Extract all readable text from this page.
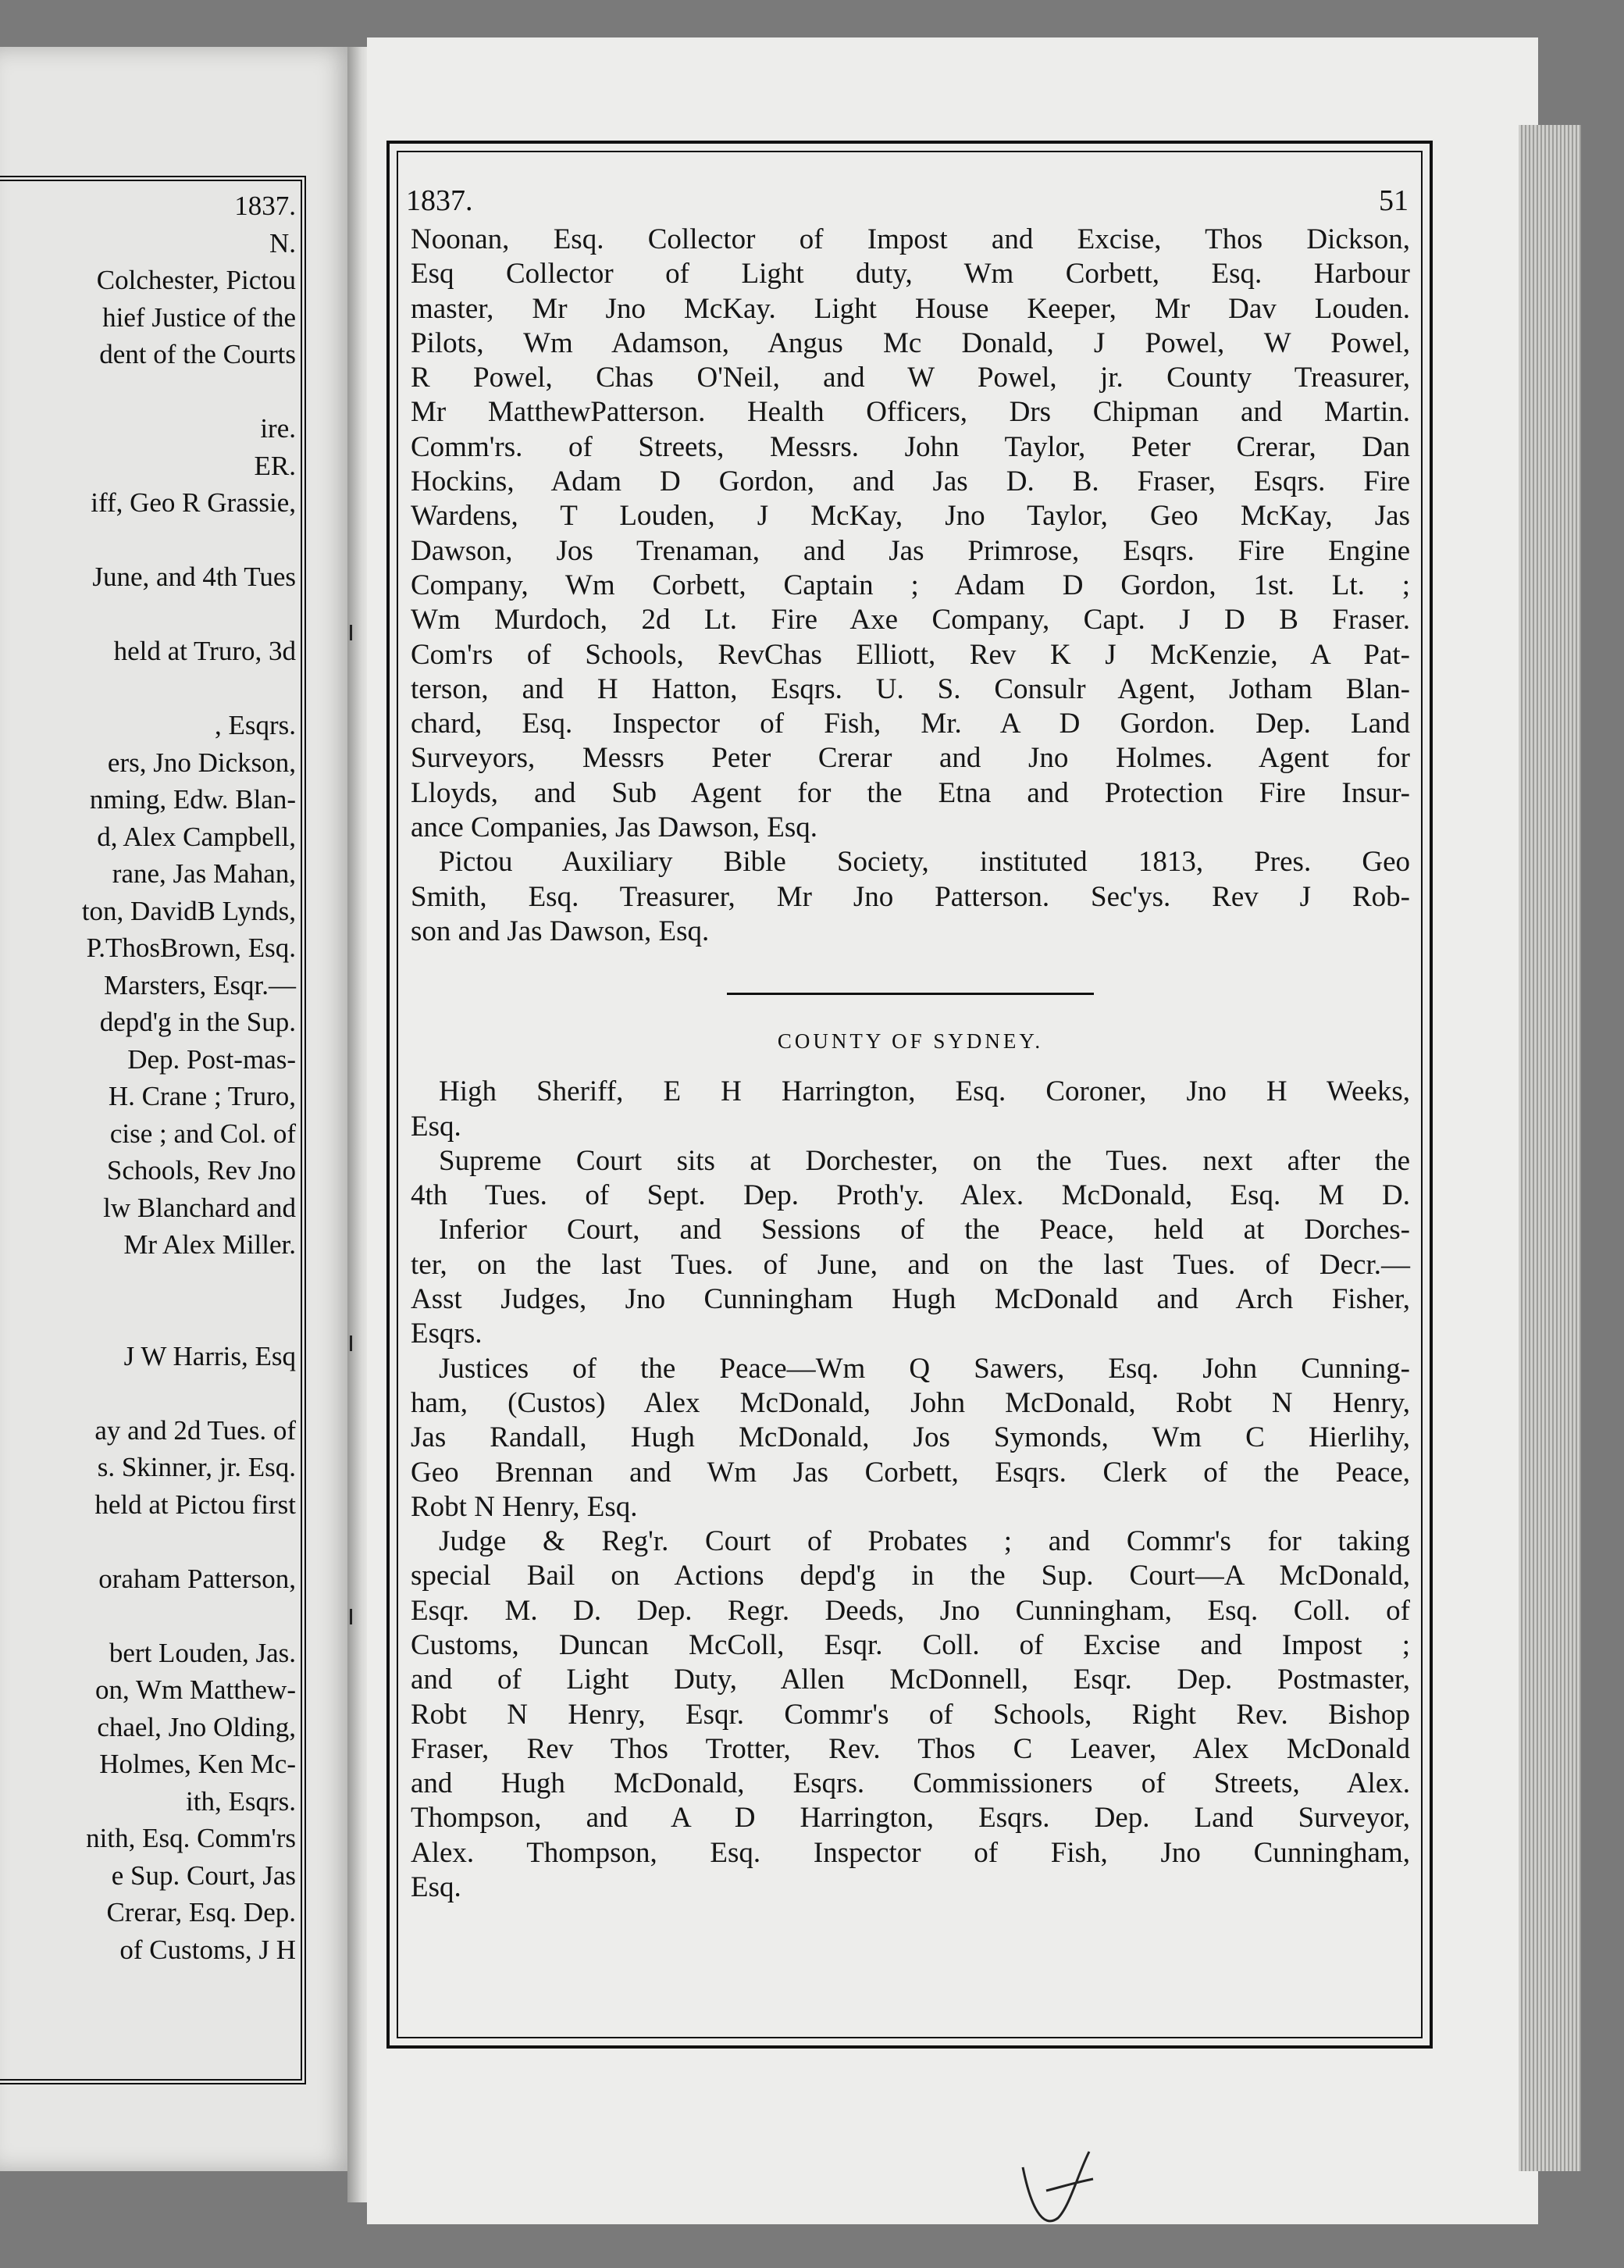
1837.
N.
Colchester, Pictou
hief Justice of the
dent of the Courts
ire.
ER.
iff, Geo R Grassie,
June, and 4th Tues
held at Truro, 3d
, Esqrs.
ers, Jno Dickson,
nming, Edw. Blan-
d, Alex Campbell,
rane, Jas Mahan,
ton, DavidB Lynds,
P.ThosBrown, Esq.
Marsters, Esqr.—
depd'g in the Sup.
Dep. Post-mas-
H. Crane ; Truro,
cise ; and Col. of
Schools, Rev Jno
lw Blanchard and
Mr Alex Miller.
J W Harris, Esq
ay and 2d Tues. of
s. Skinner, jr. Esq.
held at Pictou first
oraham Patterson,
bert Louden, Jas.
on, Wm Matthew-
chael, Jno Olding,
Holmes, Ken Mc-
ith, Esqrs.
nith, Esq. Comm'rs
e Sup. Court, Jas
Crerar, Esq. Dep.
of Customs, J H
1837.	51
Noonan, Esq. Collector of Impost and Excise, Thos Dickson,
Esq Collector of Light duty, Wm Corbett, Esq. Harbour
master, Mr Jno McKay. Light House Keeper, Mr Dav Louden.
Pilots, Wm Adamson, Angus Mc Donald, J Powel, W Powel,
R Powel, Chas O'Neil, and W Powel, jr. County Treasurer,
Mr MatthewPatterson. Health Officers, Drs Chipman and Martin.
Comm'rs. of Streets, Messrs. John Taylor, Peter Crerar, Dan
Hockins, Adam D Gordon, and Jas D. B. Fraser, Esqrs. Fire
Wardens, T Louden, J McKay, Jno Taylor, Geo McKay, Jas
Dawson, Jos Trenaman, and Jas Primrose, Esqrs. Fire Engine
Company, Wm Corbett, Captain ; Adam D Gordon, 1st. Lt. ;
Wm Murdoch, 2d Lt. Fire Axe Company, Capt. J D B Fraser.
Com'rs of Schools, RevChas Elliott, Rev K J McKenzie, A Pat-
terson, and H Hatton, Esqrs. U. S. Consulr Agent, Jotham Blan-
chard, Esq. Inspector of Fish, Mr. A D Gordon. Dep. Land
Surveyors, Messrs Peter Crerar and Jno Holmes. Agent for
Lloyds, and Sub Agent for the Etna and Protection Fire Insur-
ance Companies, Jas Dawson, Esq.
Pictou Auxiliary Bible Society, instituted 1813, Pres. Geo
Smith, Esq. Treasurer, Mr Jno Patterson. Sec'ys. Rev J Rob-
son and Jas Dawson, Esq.
COUNTY OF SYDNEY.
High Sheriff, E H Harrington, Esq. Coroner, Jno H Weeks,
Esq.
Supreme Court sits at Dorchester, on the Tues. next after the
4th Tues. of Sept. Dep. Proth'y. Alex. McDonald, Esq. M D.
Inferior Court, and Sessions of the Peace, held at Dorches-
ter, on the last Tues. of June, and on the last Tues. of Decr.—
Asst Judges, Jno Cunningham Hugh McDonald and Arch Fisher,
Esqrs.
Justices of the Peace—Wm Q Sawers, Esq. John Cunning-
ham, (Custos) Alex McDonald, John McDonald, Robt N Henry,
Jas Randall, Hugh McDonald, Jos Symonds, Wm C Hierlihy,
Geo Brennan and Wm Jas Corbett, Esqrs. Clerk of the Peace,
Robt N Henry, Esq.
Judge & Reg'r. Court of Probates ; and Commr's for taking
special Bail on Actions depd'g in the Sup. Court—A McDonald,
Esqr. M. D. Dep. Regr. Deeds, Jno Cunningham, Esq. Coll. of
Customs, Duncan McColl, Esqr. Coll. of Excise and Impost ;
and of Light Duty, Allen McDonnell, Esqr. Dep. Postmaster,
Robt N Henry, Esqr. Commr's of Schools, Right Rev. Bishop
Fraser, Rev Thos Trotter, Rev. Thos C Leaver, Alex McDonald
and Hugh McDonald, Esqrs. Commissioners of Streets, Alex.
Thompson, and A D Harrington, Esqrs. Dep. Land Surveyor,
Alex. Thompson, Esq. Inspector of Fish, Jno Cunningham,
Esq.
